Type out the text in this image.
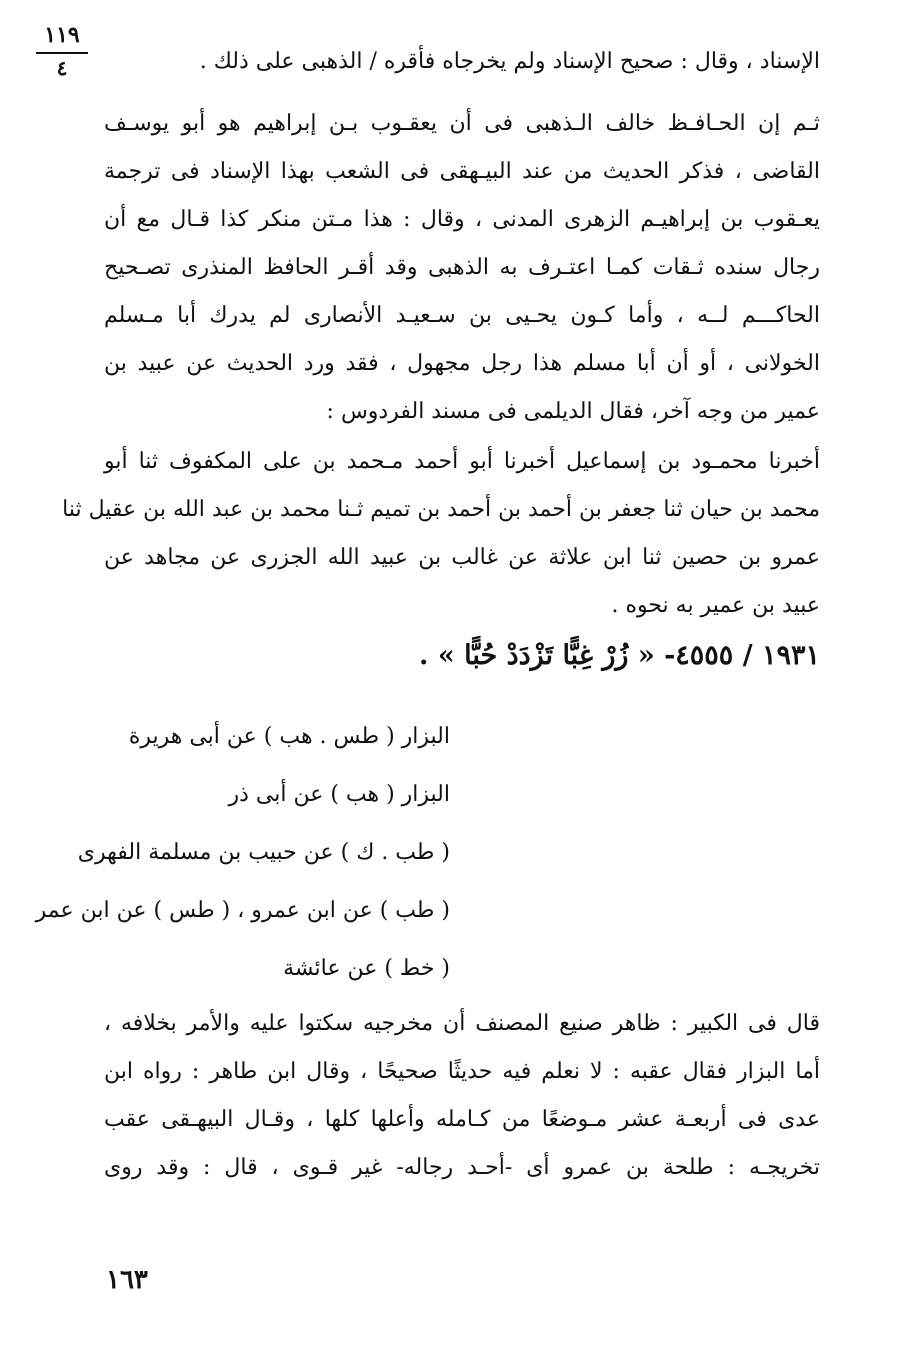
١١٩
٤	الإسناد ، وقال : صحيح الإسناد ولم يخرجاه فأقره / الذهبى على ذلك .
ثـم إن الحـافـظ خالف الـذهبى فى أن يعقـوب بـن إبراهيم هو أبو يوسـف
القاضى ، فذكر الحديث من عند البيـهقى فى الشعب بهذا الإسناد فى ترجمة
يعـقوب بن إبراهيـم الزهرى المدنى ، وقال : هذا مـتن منكر كذا قـال مع أن
رجال سنده ثـقات كمـا اعتـرف به الذهبى وقد أقـر الحافظ المنذرى تصـحيح
الحاكـــم لــه ، وأما كـون يحـيى بن سـعيـد الأنصارى لم يدرك أبا مـسلم
الخولانى ، أو أن أبا مسلم هذا رجل مجهول ، فقد ورد الحديث عن عبيد بن
عمير من وجه آخر، فقال الديلمى فى مسند الفردوس :
أخبرنا محمـود بن إسماعيل أخبرنا أبو أحمد مـحمد بن على المكفوف ثنا أبو
محمد بن حيان ثنا جعفر بن أحمد بن أحمد بن تميم ثـنا محمد بن عبد الله بن عقيل ثنا
عمرو بن حصين ثنا ابن علاثة عن غالب بن عبيد الله الجزرى عن مجاهد عن
عبيد بن عمير به نحوه .
١٩٣١ / ٤٥٥٥- « زُرْ غِبًّا تَزْدَدْ حُبًّا » .
البزار ( طس . هب ) عن أبى هريرة
البزار ( هب ) عن أبى ذر
( طب . ك ) عن حبيب بن مسلمة الفهرى
( طب ) عن ابن عمرو ، ( طس ) عن ابن عمر
( خط ) عن عائشة
قال فى الكبير : ظاهر صنيع المصنف أن مخرجيه سكتوا عليه والأمر بخلافه ،
أما البزار فقال عقبه : لا نعلم فيه حديثًا صحيحًا ، وقال ابن طاهر : رواه ابن
عدى فى أربعـة عشر مـوضعًا من كـامله وأعلها كلها ، وقـال البيهـقى عقب
تخريجـه : طلحة بن عمرو أى -أحـد رجاله- غير قـوى ، قال : وقد روى
١٦٣
